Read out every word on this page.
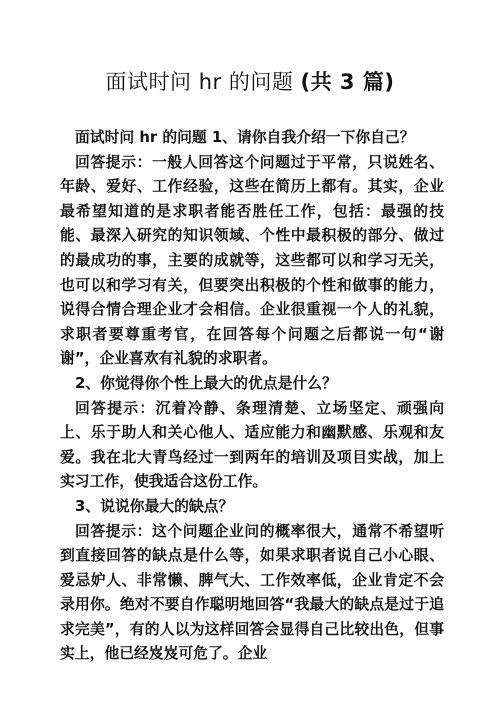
面试时问 hr 的问题 (共 3 篇)

面试时问 hr 的问题 1、请你自我介绍一下你自己？

回答提示：一般人回答这个问题过于平常，只说姓名、年龄、爱好、工作经验，这些在简历上都有。其实，企业最希望知道的是求职者能否胜任工作，包括：最强的技能、最深入研究的知识领域、个性中最积极的部分、做过的最成功的事，主要的成就等，这些都可以和学习无关，也可以和学习有关，但要突出积极的个性和做事的能力，说得合情合理企业才会相信。企业很重视一个人的礼貌，求职者要尊重考官，在回答每个问题之后都说一句“谢谢”，企业喜欢有礼貌的求职者。

2、你觉得你个性上最大的优点是什么？

回答提示：沉着冷静、条理清楚、立场坚定、顽强向上、乐于助人和关心他人、适应能力和幽默感、乐观和友爱。我在北大青鸟经过一到两年的培训及项目实战，加上实习工作，使我适合这份工作。

3、说说你最大的缺点？

回答提示：这个问题企业问的概率很大，通常不希望听到直接回答的缺点是什么等，如果求职者说自己小心眼、爱忌妒人、非常懒、脾气大、工作效率低，企业肯定不会录用你。绝对不要自作聪明地回答“我最大的缺点是过于追求完美”，有的人以为这样回答会显得自己比较出色，但事实上，他已经岌岌可危了。企业
